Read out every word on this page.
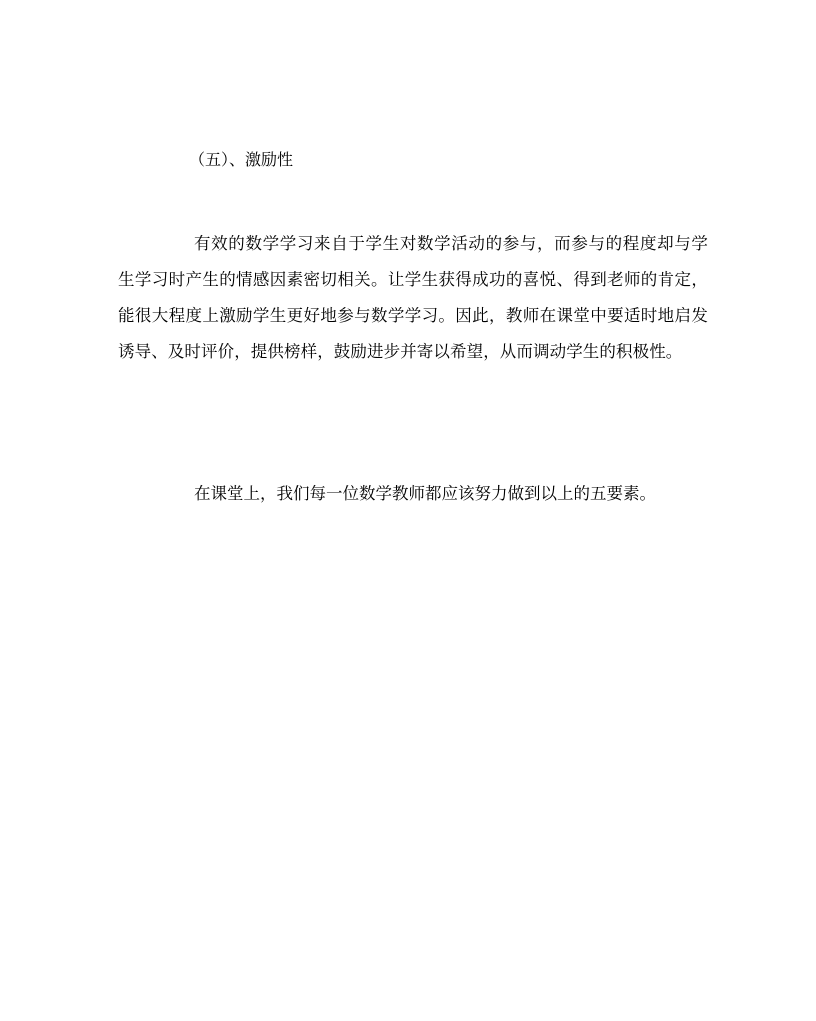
（五）、激励性
有效的数学学习来自于学生对数学活动的参与，而参与的程度却与学生学习时产生的情感因素密切相关。让学生获得成功的喜悦、得到老师的肯定，能很大程度上激励学生更好地参与数学学习。因此，教师在课堂中要适时地启发诱导、及时评价，提供榜样，鼓励进步并寄以希望，从而调动学生的积极性。
在课堂上，我们每一位数学教师都应该努力做到以上的五要素。
